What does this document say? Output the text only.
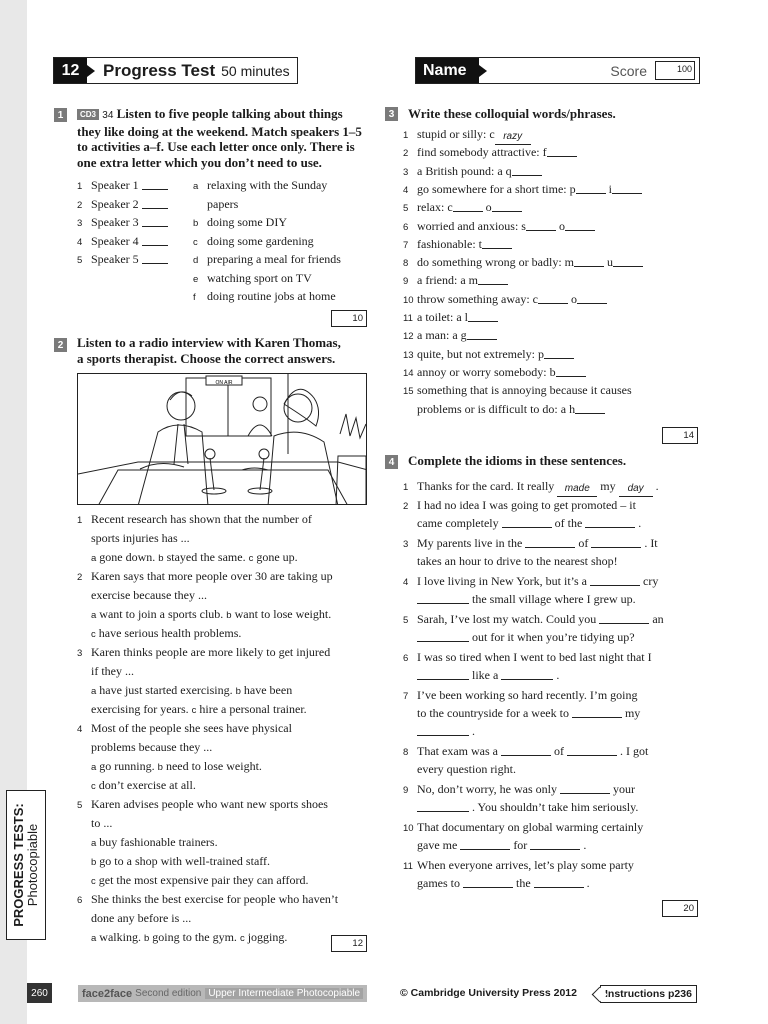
PROGRESS TESTS: Photocopiable
12	Progress Test 50 minutes	Name	Score	100
1	CD3 34 Listen to five people talking about things
they like doing at the weekend. Match speakers 1–5
to activities a–f. Use each letter once only. There is
one extra letter which you don’t need to use.
1 Speaker 1
2 Speaker 2
3 Speaker 3
4 Speaker 4
5 Speaker 5
a relaxing with the Sunday
papers
b doing some DIY
c doing some gardening
d preparing a meal for friends
e watching sport on TV
f doing routine jobs at home
10
2 Listen to a radio interview with Karen Thomas,
a sports therapist. Choose the correct answers.
1 Recent research has shown that the number of
sports injuries has ...
a gone down. b stayed the same. c gone up.
2 Karen says that more people over 30 are taking up
exercise because they ...
a want to join a sports club. b want to lose weight.
c have serious health problems.
3 Karen thinks people are more likely to get injured
if they ...
a have just started exercising. b have been
exercising for years. c hire a personal trainer.
4 Most of the people she sees have physical
problems because they ...
a go running. b need to lose weight.
c don’t exercise at all.
5 Karen advises people who want new sports shoes
to ...
a buy fashionable trainers.
b go to a shop with well-trained staff.
c get the most expensive pair they can afford.
6 She thinks the best exercise for people who haven’t
done any before is ...
a walking. b going to the gym. c jogging.	12
3 Write these colloquial words/phrases.
1 stupid or silly: c razy
2 find somebody attractive: f
3 a British pound: a q
4 go somewhere for a short time: p	i
5 relax: c	o
6 worried and anxious: s	o
7 fashionable: t
8 do something wrong or badly: m	u
9 a friend: a m
10 throw something away: c	o
11 a toilet: a l
12 a man: a g
13 quite, but not extremely: p
14 annoy or worry somebody: b
15 something that is annoying because it causes
problems or is difficult to do: a h
14
4 Complete the idioms in these sentences.
1 Thanks for the card. It really made my day .
2 I had no idea I was going to get promoted – it
came completely	of the	.
3 My parents live in the	of	. It
takes an hour to drive to the nearest shop!
4 I love living in New York, but it’s a	cry
the small village where I grew up.
5 Sarah, I’ve lost my watch. Could you	an
out for it when you’re tidying up?
6 I was so tired when I went to bed last night that I
like a	.
7 I’ve been working so hard recently. I’m going
to the countryside for a week to	my
.
8 That exam was a	of	. I got
every question right.
9 No, don’t worry, he was only	your
. You shouldn’t take him seriously.
10 That documentary on global warming certainly
gave me	for	.
11 When everyone arrives, let’s play some party
games to	the	.
20
ON AIR
260	face2face Second edition Upper Intermediate Photocopiable	© Cambridge University Press 2012	Instructions p236
